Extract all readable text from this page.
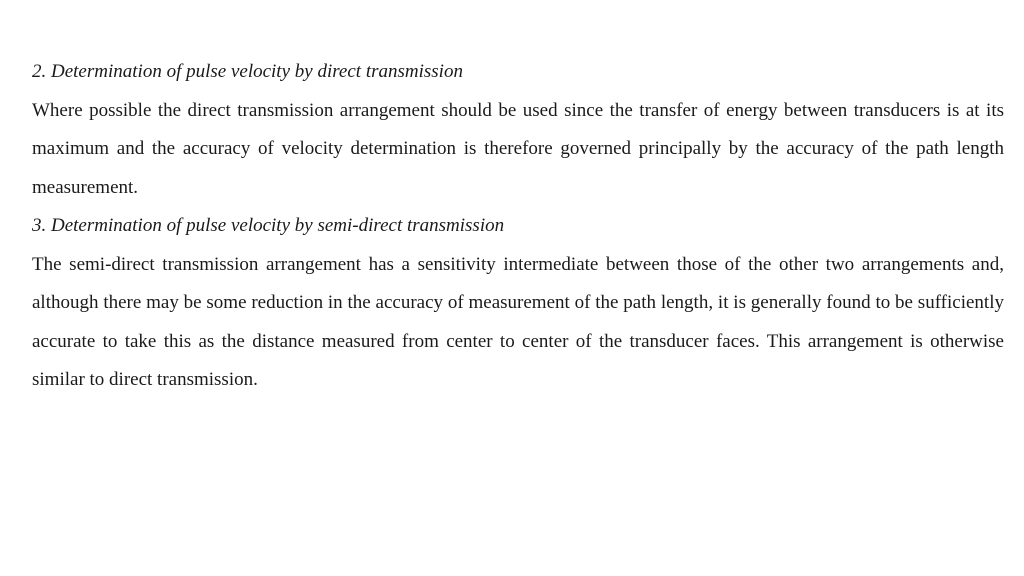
2. Determination of pulse velocity by direct transmission

Where possible the direct transmission arrangement should be used since the transfer of energy between transducers is at its maximum and the accuracy of velocity determination is therefore governed principally by the accuracy of the path length measurement.

3. Determination of pulse velocity by semi-direct transmission

The semi-direct transmission arrangement has a sensitivity intermediate between those of the other two arrangements and, although there may be some reduction in the accuracy of measurement of the path length, it is generally found to be sufficiently accurate to take this as the distance measured from center to center of the transducer faces. This arrangement is otherwise similar to direct transmission.
